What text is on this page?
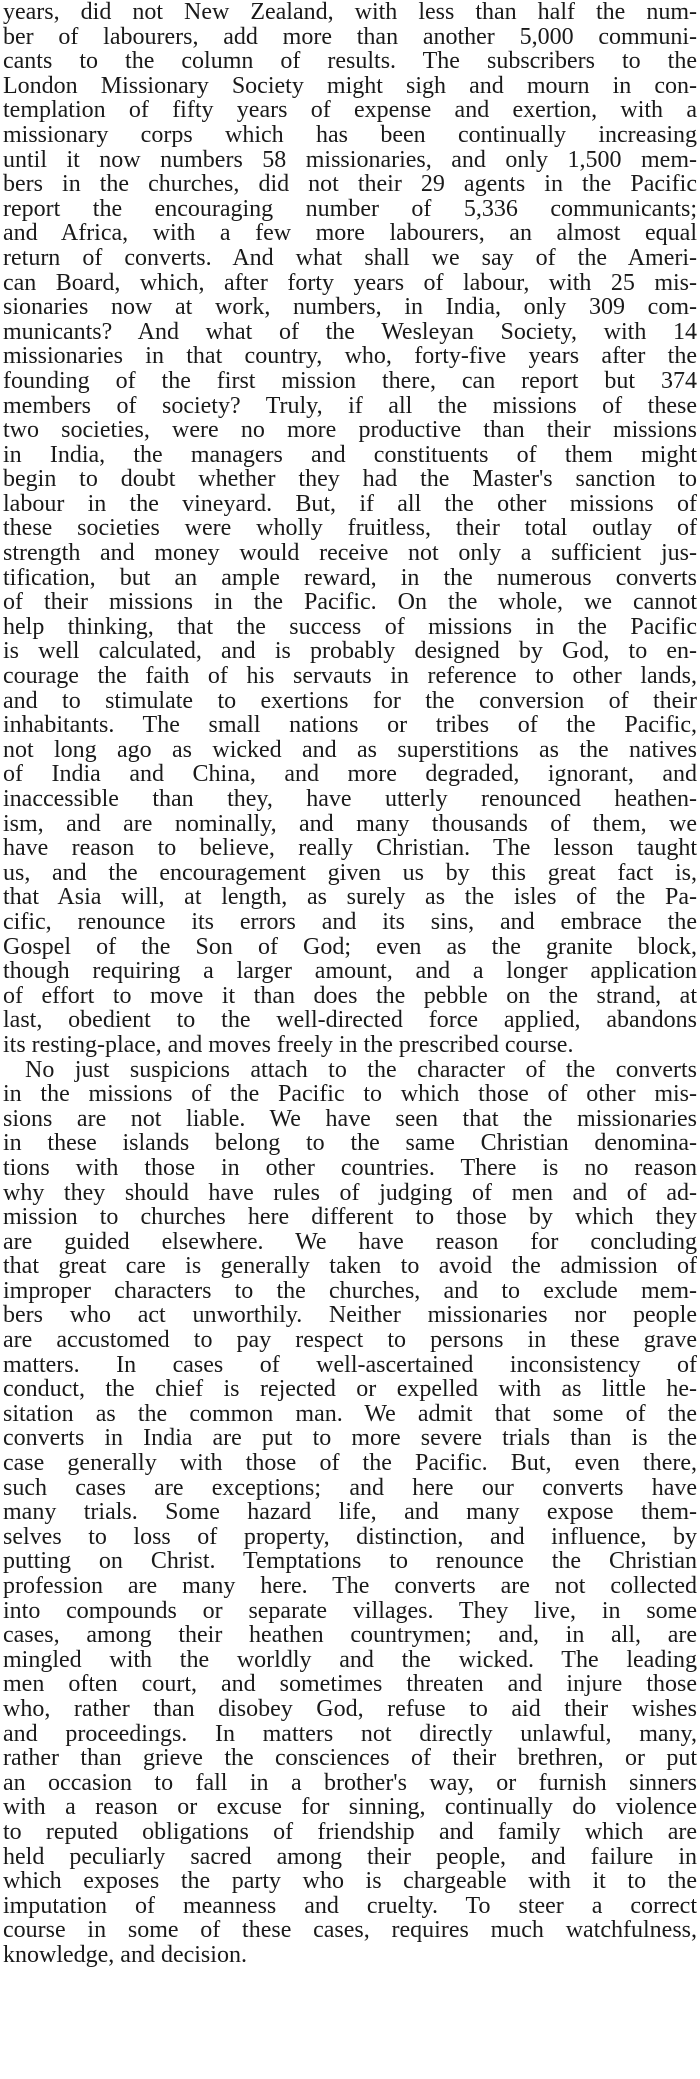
years, did not New Zealand, with less than half the num-
ber of labourers, add more than another 5,000 communi-
cants to the column of results. The subscribers to the
London Missionary Society might sigh and mourn in con-
templation of fifty years of expense and exertion, with a
missionary corps which has been continually increasing
until it now numbers 58 missionaries, and only 1,500 mem-
bers in the churches, did not their 29 agents in the Pacific
report the encouraging number of 5,336 communicants;
and Africa, with a few more labourers, an almost equal
return of converts. And what shall we say of the Ameri-
can Board, which, after forty years of labour, with 25 mis-
sionaries now at work, numbers, in India, only 309 com-
municants? And what of the Wesleyan Society, with 14
missionaries in that country, who, forty-five years after the
founding of the first mission there, can report but 374
members of society? Truly, if all the missions of these
two societies, were no more productive than their missions
in India, the managers and constituents of them might
begin to doubt whether they had the Master's sanction to
labour in the vineyard. But, if all the other missions of
these societies were wholly fruitless, their total outlay of
strength and money would receive not only a sufficient jus-
tification, but an ample reward, in the numerous converts
of their missions in the Pacific. On the whole, we cannot
help thinking, that the success of missions in the Pacific
is well calculated, and is probably designed by God, to en-
courage the faith of his servauts in reference to other lands,
and to stimulate to exertions for the conversion of their
inhabitants. The small nations or tribes of the Pacific,
not long ago as wicked and as superstitions as the natives
of India and China, and more degraded, ignorant, and
inaccessible than they, have utterly renounced heathen-
ism, and are nominally, and many thousands of them, we
have reason to believe, really Christian. The lesson taught
us, and the encouragement given us by this great fact is,
that Asia will, at length, as surely as the isles of the Pa-
cific, renounce its errors and its sins, and embrace the
Gospel of the Son of God; even as the granite block,
though requiring a larger amount, and a longer application
of effort to move it than does the pebble on the strand, at
last, obedient to the well-directed force applied, abandons
its resting-place, and moves freely in the prescribed course.
No just suspicions attach to the character of the converts
in the missions of the Pacific to which those of other mis-
sions are not liable. We have seen that the missionaries
in these islands belong to the same Christian denomina-
tions with those in other countries. There is no reason
why they should have rules of judging of men and of ad-
mission to churches here different to those by which they
are guided elsewhere. We have reason for concluding
that great care is generally taken to avoid the admission of
improper characters to the churches, and to exclude mem-
bers who act unworthily. Neither missionaries nor people
are accustomed to pay respect to persons in these grave
matters. In cases of well-ascertained inconsistency of
conduct, the chief is rejected or expelled with as little he-
sitation as the common man. We admit that some of the
converts in India are put to more severe trials than is the
case generally with those of the Pacific. But, even there,
such cases are exceptions; and here our converts have
many trials. Some hazard life, and many expose them-
selves to loss of property, distinction, and influence, by
putting on Christ. Temptations to renounce the Christian
profession are many here. The converts are not collected
into compounds or separate villages. They live, in some
cases, among their heathen countrymen; and, in all, are
mingled with the worldly and the wicked. The leading
men often court, and sometimes threaten and injure those
who, rather than disobey God, refuse to aid their wishes
and proceedings. In matters not directly unlawful, many,
rather than grieve the consciences of their brethren, or put
an occasion to fall in a brother's way, or furnish sinners
with a reason or excuse for sinning, continually do violence
to reputed obligations of friendship and family which are
held peculiarly sacred among their people, and failure in
which exposes the party who is chargeable with it to the
imputation of meanness and cruelty. To steer a correct
course in some of these cases, requires much watchfulness,
knowledge, and decision.
